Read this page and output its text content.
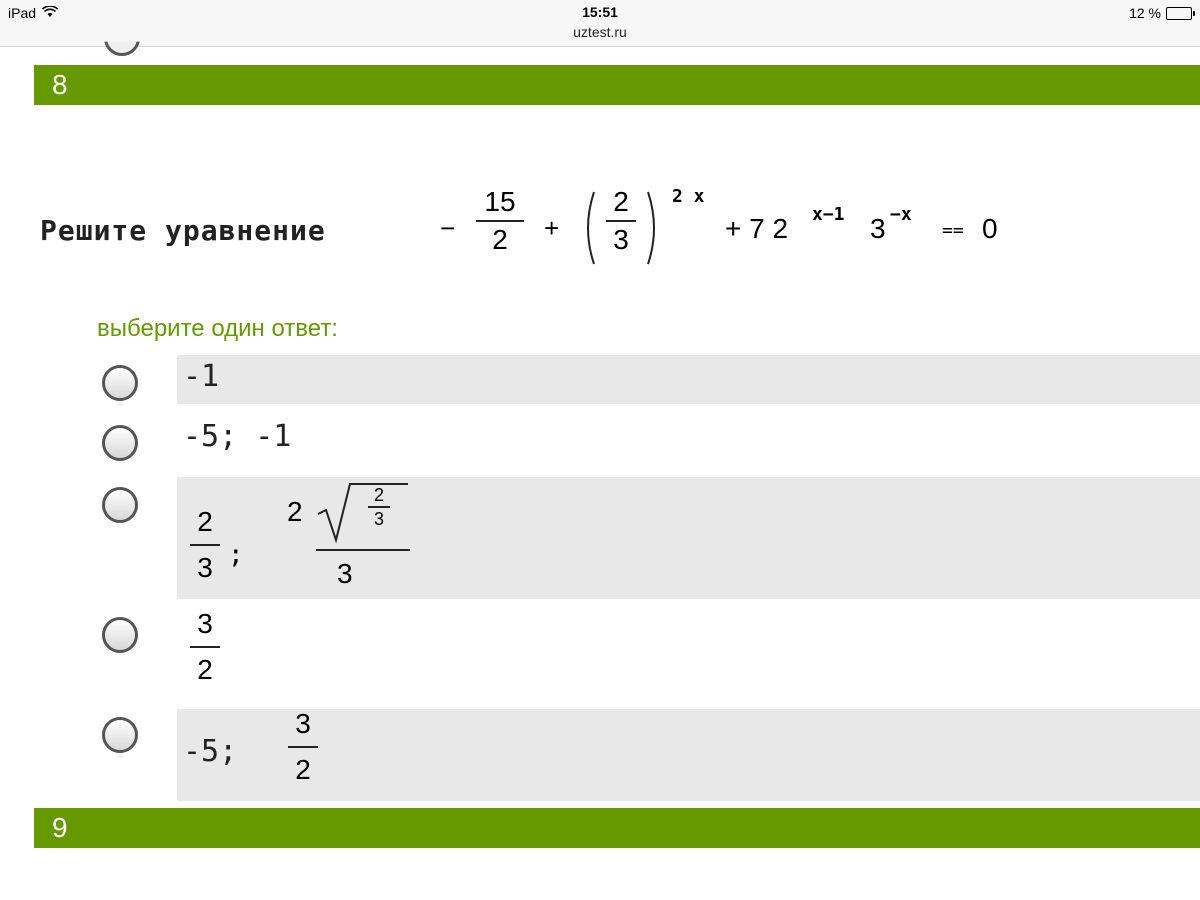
iPad	15:51
uztest.ru
12 %
8
Решите уравнение	−
15
2 +
2
3
2 x
+ 7 2 x−1 3 −x
== 0
выберите один ответ:
-1
-5; -1
2
3 ;
2
2
3
3
3
2
-5;
3
2
9
